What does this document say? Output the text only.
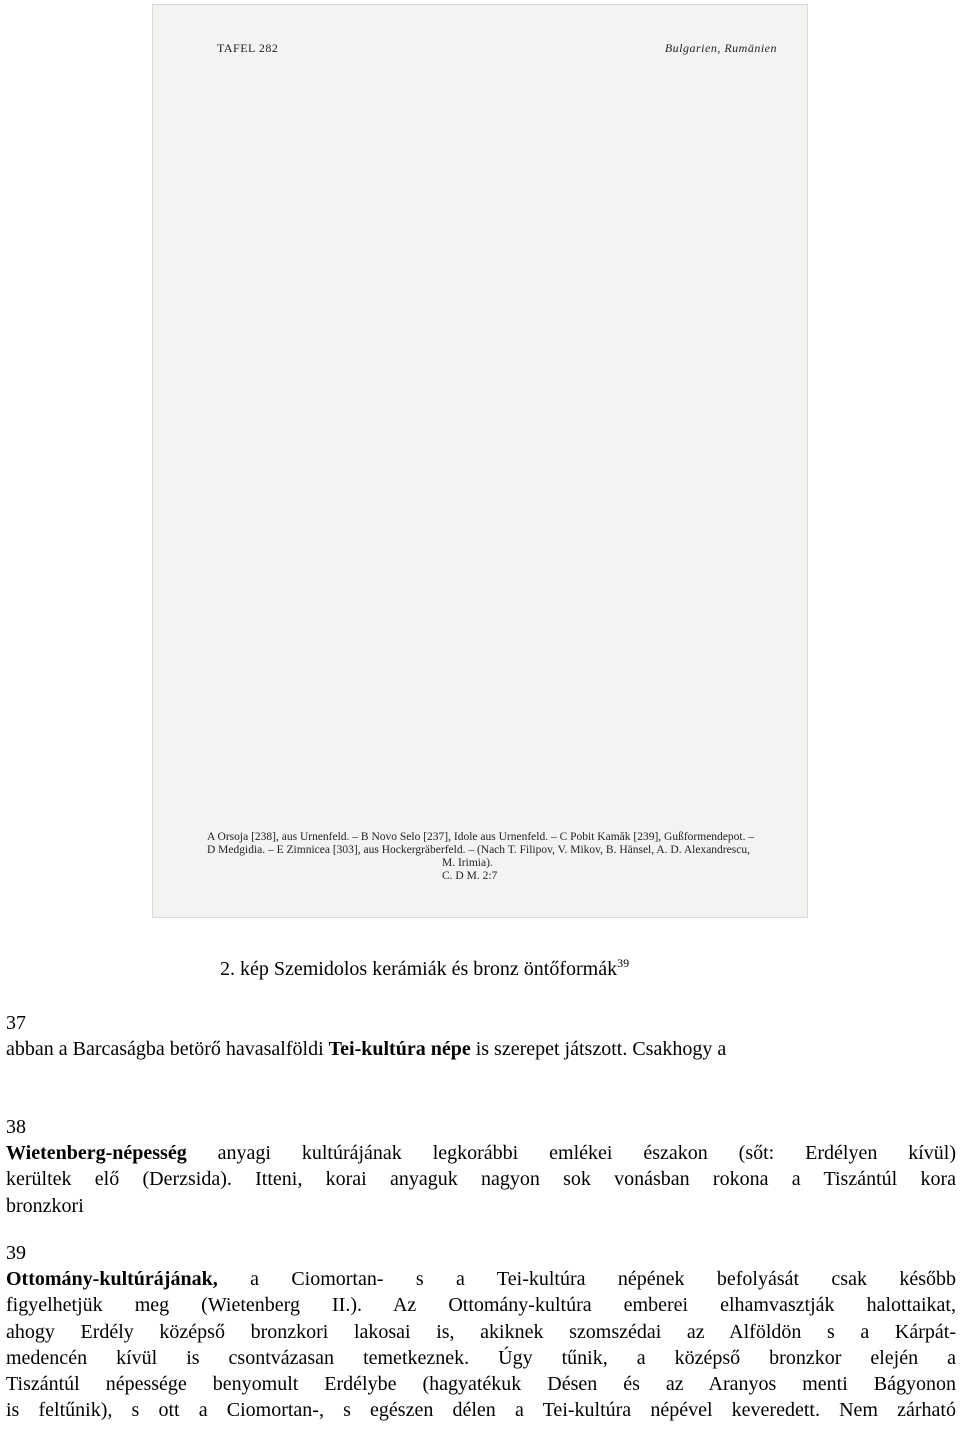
TAFEL 282	Bulgarien, Rumänien
A Orsoja [238], aus Urnenfeld. – B Novo Selo [237], Idole aus Urnenfeld. – C Pobit Kamăk [239], Gußformendepot. –
D Medgidia. – E Zimnicea [303], aus Hockergräberfeld. – (Nach T. Filipov, V. Mikov, B. Hänsel, A. D. Alexandrescu,
M. Irimia).
C. D M. 2:7
2. kép Szemidolos kerámiák és bronz öntőformák$^{39}$
37
abban a Barcaságba betörő havasalföldi Tei-kultúra népe is szerepet játszott. Csakhogy a
38
Wietenberg-népesség anyagi kultúrájának legkorábbi emlékei északon (sőt: Erdélyen kívül)
kerültek elő (Derzsida). Itteni, korai anyaguk nagyon sok vonásban rokona a Tiszántúl kora
bronzkori
39
Ottomány-kultúrájának, a Ciomortan- s a Tei-kultúra népének befolyását csak később
figyelhetjük meg (Wietenberg II.). Az Ottomány-kultúra emberei elhamvasztják halottaikat,
ahogy Erdély középső bronzkori lakosai is, akiknek szomszédai az Alföldön s a Kárpát-
medencén kívül is csontvázasan temetkeznek. Úgy tűnik, a középső bronzkor elején a
Tiszántúl népessége benyomult Erdélybe (hagyatékuk Désen és az Aranyos menti Bágyonon
is feltűnik), s ott a Ciomortan-, s egészen délen a Tei-kultúra népével keveredett. Nem zárható
